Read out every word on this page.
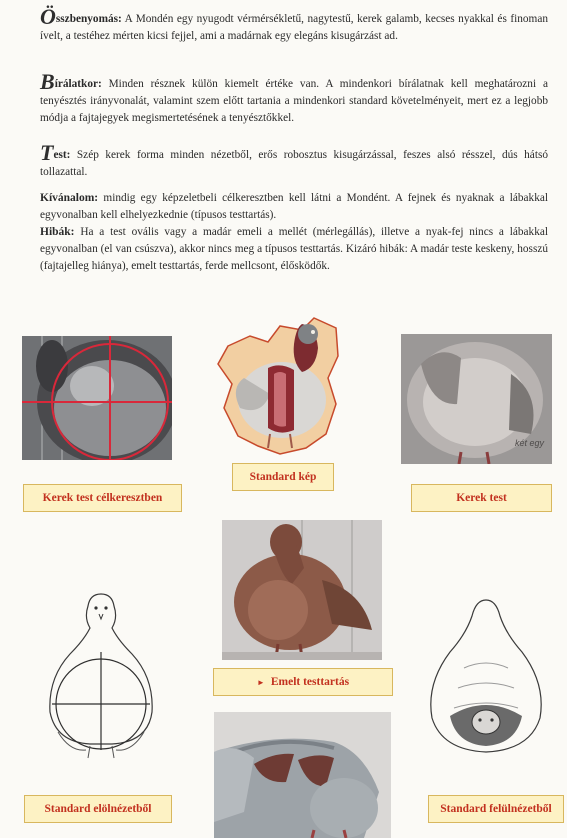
Összbenyomás: A Mondén egy nyugodt vérmérsékletű, nagytestű, kerek galamb, kecses nyakkal és finoman ívelt, a testéhez mérten kicsi fejjel, ami a madárnak egy elegáns kisugárzást ad.
Bírálatkor: Minden résznek külön kiemelt értéke van. A mindenkori bírálatnak kell meghatározni a tenyésztés irányvonalát, valamint szem előtt tartania a mindenkori standard követelményeit, mert ez a legjobb módja a fajtajegyek megismertetésének a tenyésztőkkel.
Test: Szép kerek forma minden nézetből, erős robosztus kisugárzással, feszes alsó résszel, dús hátsó tollazattal.
Kívánalom: mindig egy képzeletbeli célkeresztben kell látni a Mondént. A fejnek és nyaknak a lábakkal egyvonalban kell elhelyezkednie (típusos testtartás).
Hibák: Ha a test ovális vagy a madár emeli a mellét (mérlegállás), illetve a nyak-fej nincs a lábakkal egyvonalban (el van csúszva), akkor nincs meg a típusos testtartás. Kizáró hibák: A madár teste keskeny, hosszú (fajtajelleg hiánya), emelt testtartás, ferde mellcsont, élősködők.
két egy
Kerek test célkeresztben
Standard kép
Kerek test
► Emelt testtartás
Standard elölnézetből	Standard felülnézetből
